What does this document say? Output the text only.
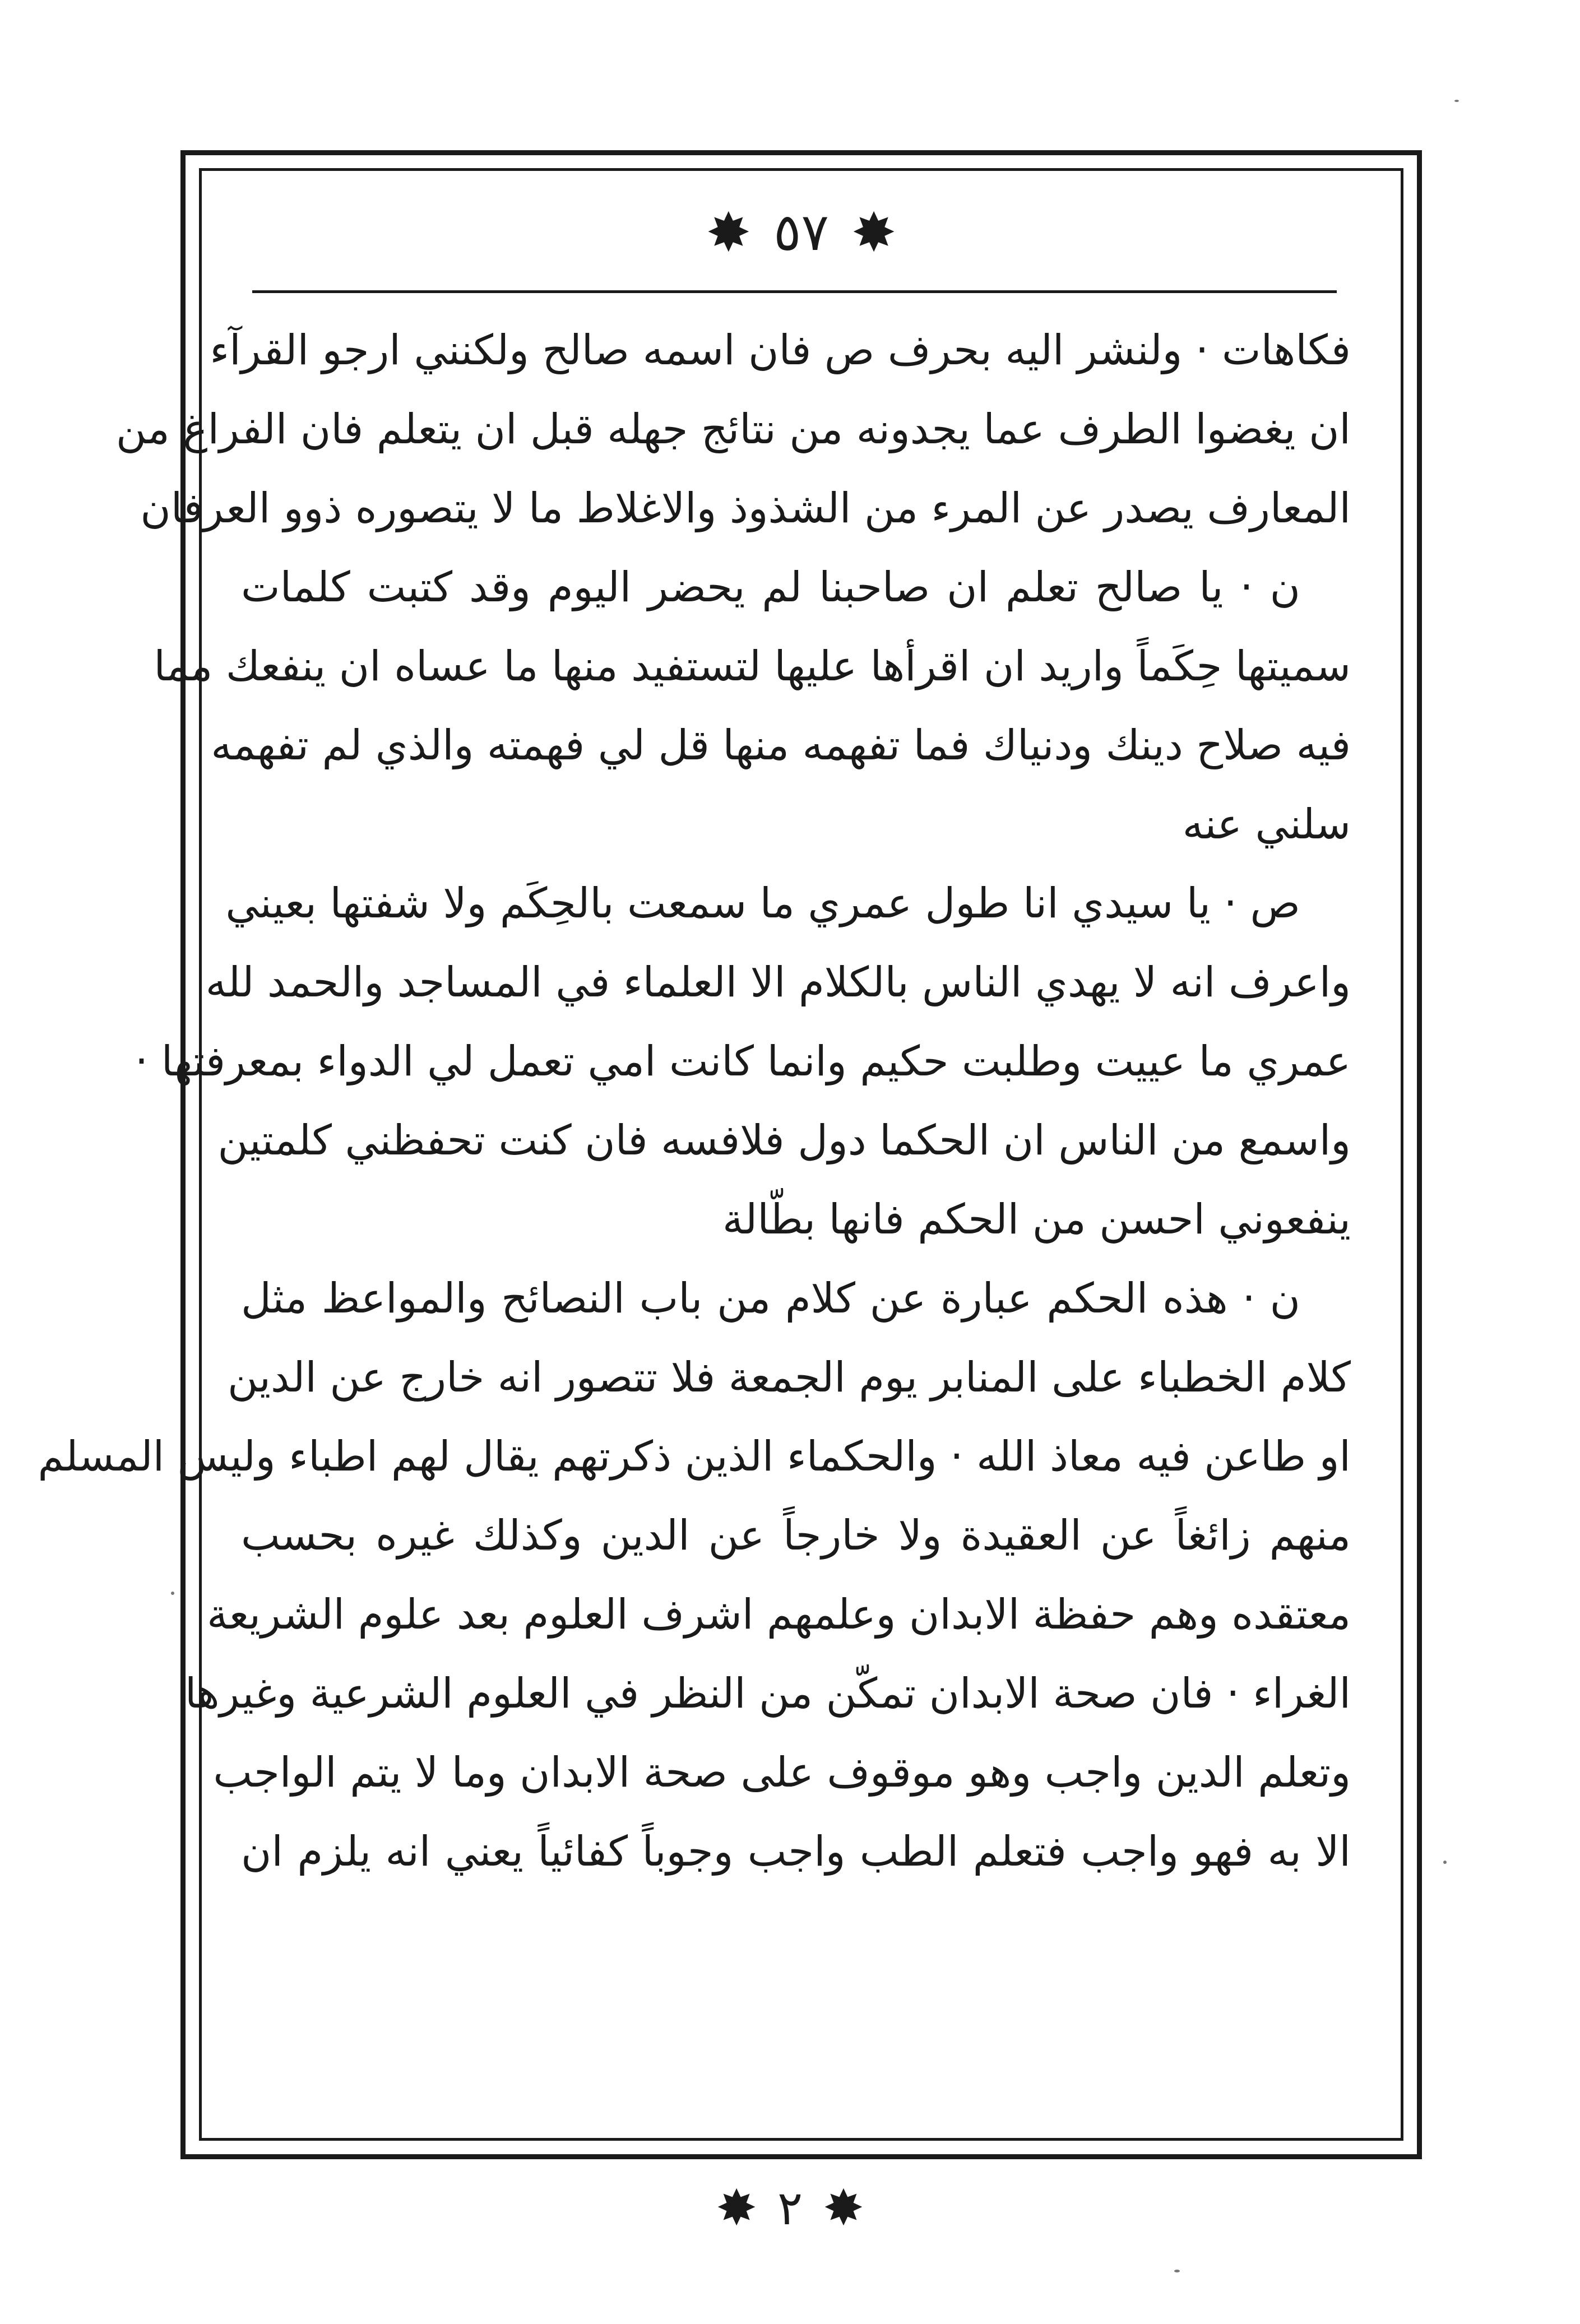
✸ ٥٧ ✸
فكاهات · ولنشر اليه بحرف ص فان اسمه صالح ولكنني ارجو القرآء
ان يغضوا الطرف عما يجدونه من نتائج جهله قبل ان يتعلم فان الفراغ من
المعارف يصدر عن المرء من الشذوذ والاغلاط ما لا يتصوره ذوو العرفان
ن · يا صالح تعلم ان صاحبنا لم يحضر اليوم وقد كتبت كلمات
سميتها حِكَماً واريد ان اقرأها عليها لتستفيد منها ما عساه ان ينفعك مما
فيه صلاح دينك ودنياك فما تفهمه منها قل لي فهمته والذي لم تفهمه
سلني عنه
ص · يا سيدي انا طول عمري ما سمعت بالحِكَم ولا شفتها بعيني
واعرف انه لا يهدي الناس بالكلام الا العلماء في المساجد والحمد لله
عمري ما عييت وطلبت حكيم وانما كانت امي تعمل لي الدواء بمعرفتها ·
واسمع من الناس ان الحكما دول فلافسه فان كنت تحفظني كلمتين
ينفعوني احسن من الحكم فانها بطّالة
ن · هذه الحكم عبارة عن كلام من باب النصائح والمواعظ مثل
كلام الخطباء على المنابر يوم الجمعة فلا تتصور انه خارج عن الدين
او طاعن فيه معاذ الله · والحكماء الذين ذكرتهم يقال لهم اطباء وليس المسلم
منهم زائغاً عن العقيدة ولا خارجاً عن الدين وكذلك غيره بحسب
معتقده وهم حفظة الابدان وعلمهم اشرف العلوم بعد علوم الشريعة
الغراء · فان صحة الابدان تمكّن من النظر في العلوم الشرعية وغيرها
وتعلم الدين واجب وهو موقوف على صحة الابدان وما لا يتم الواجب
الا به فهو واجب فتعلم الطب واجب وجوباً كفائياً يعني انه يلزم ان
✸ ٢ ✸
